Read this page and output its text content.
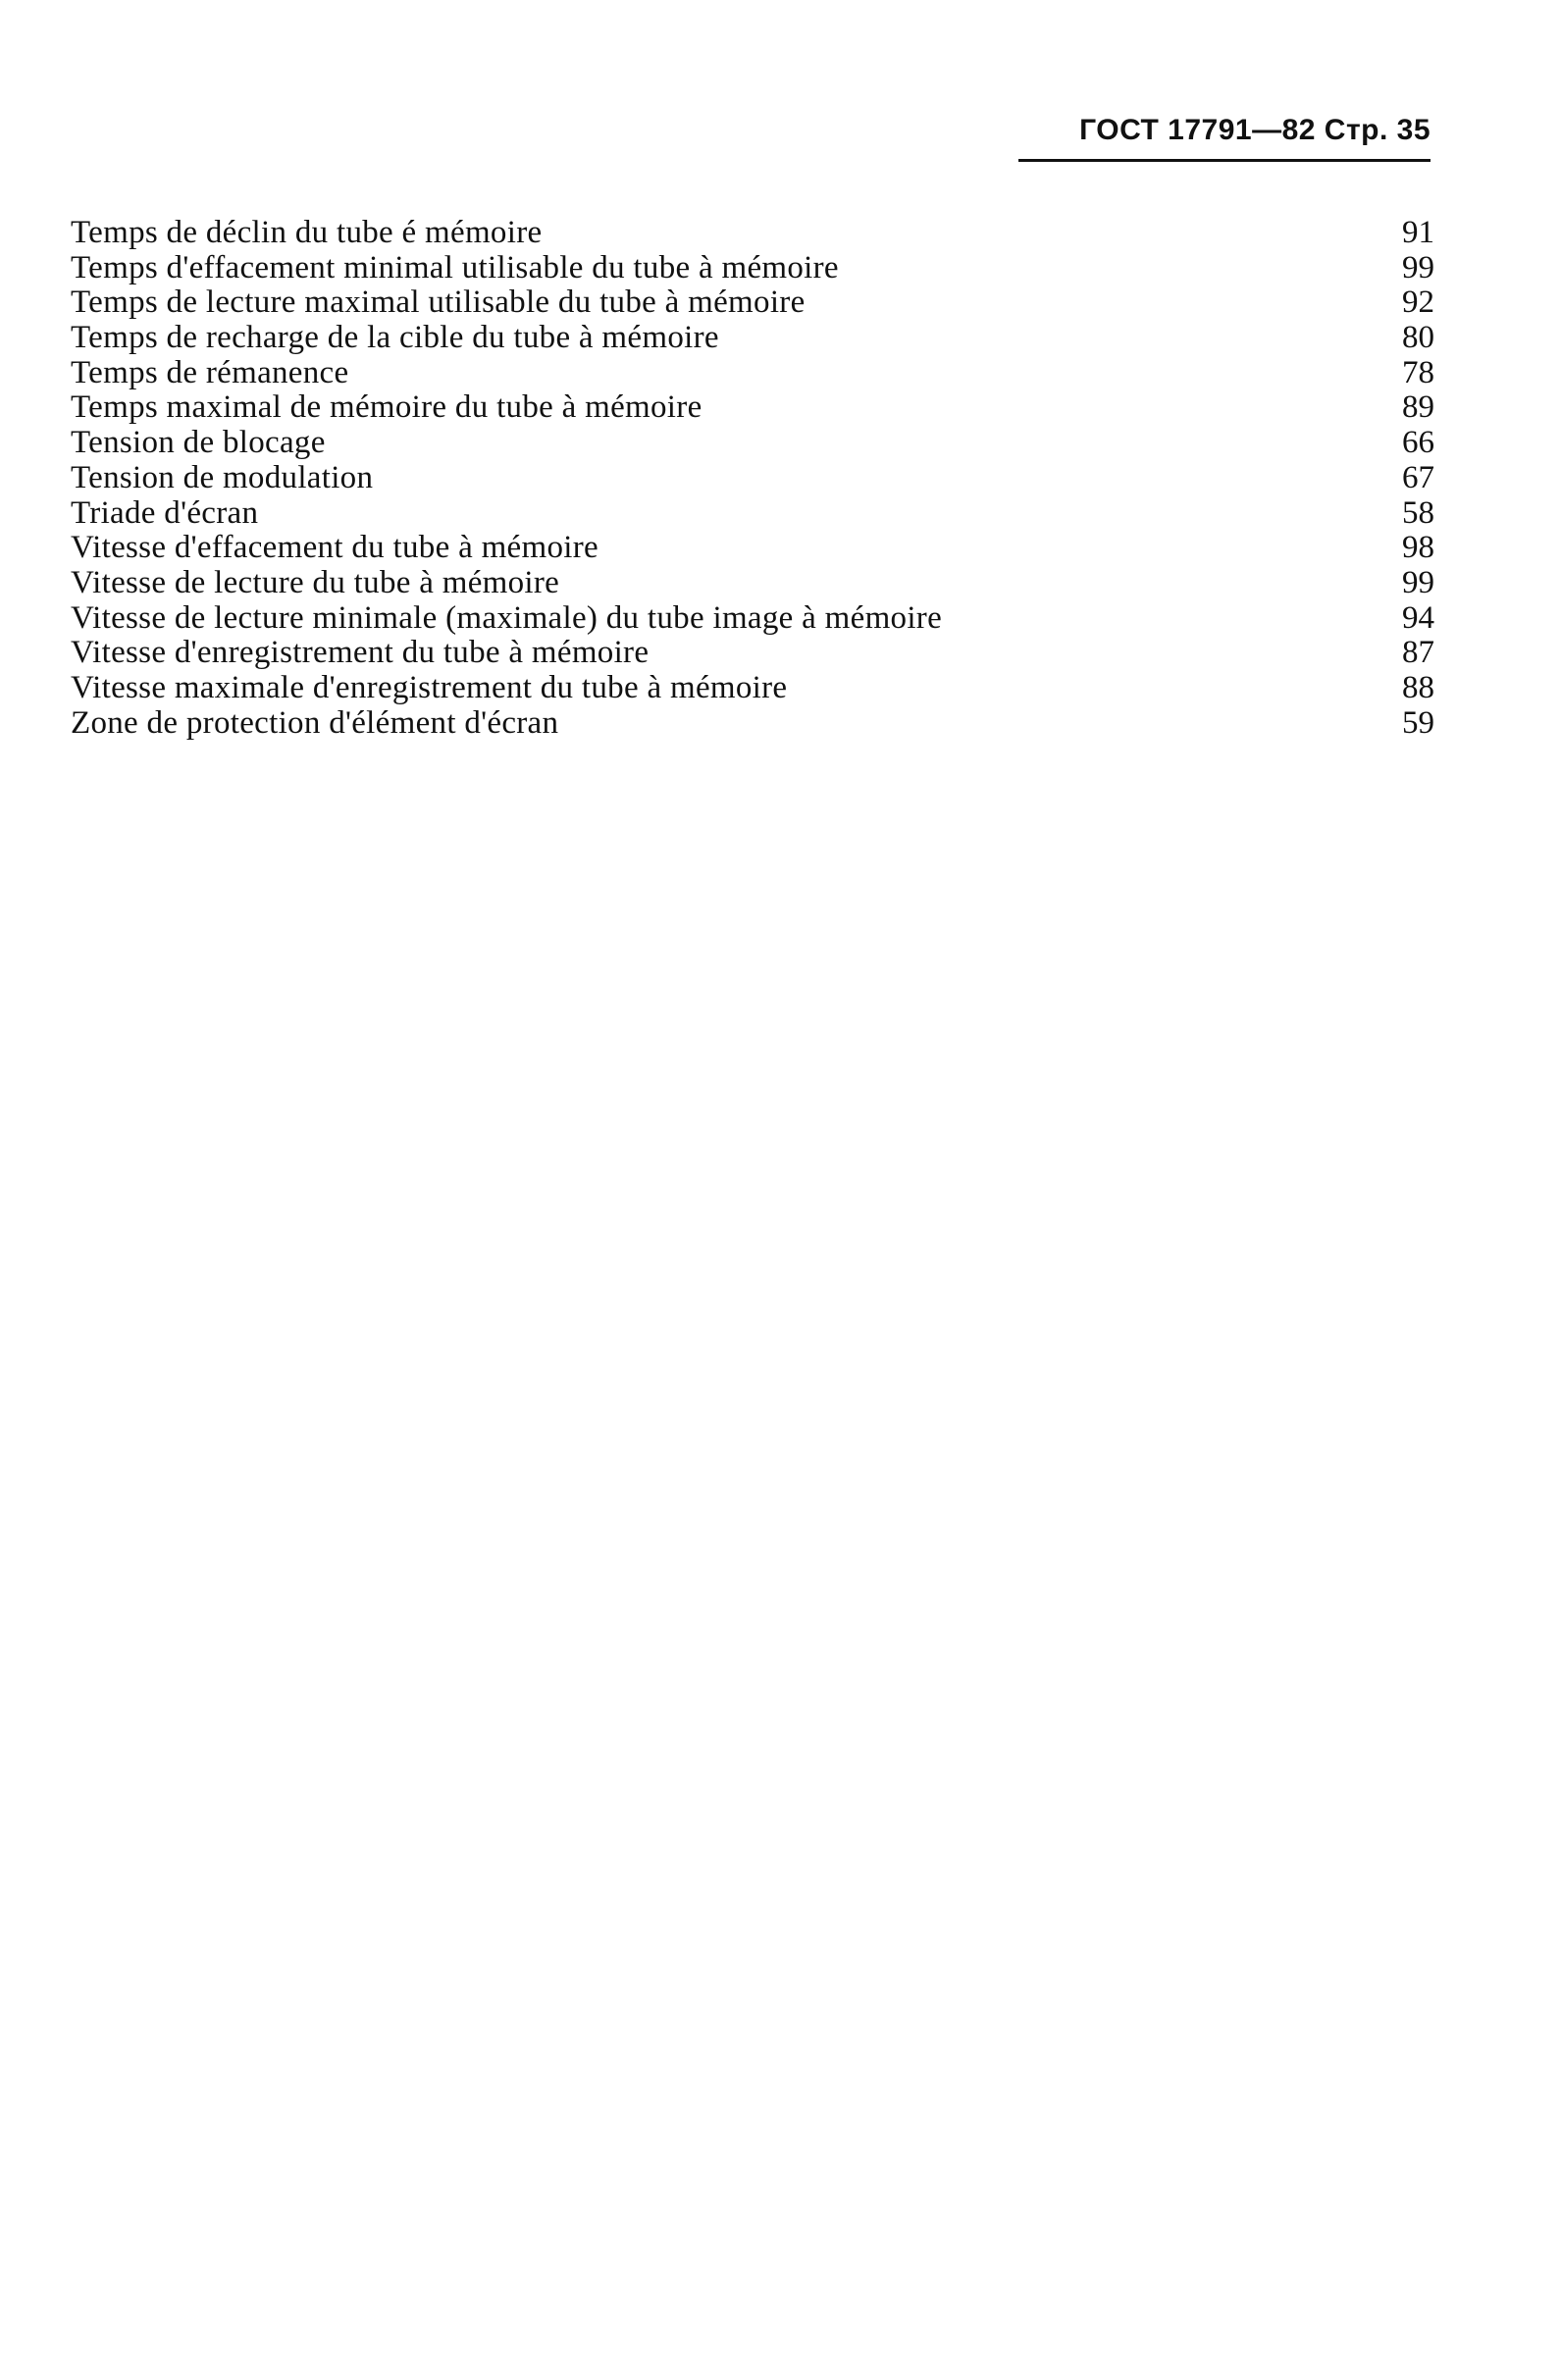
ГОСТ 17791—82 Стр. 35
Temps de déclin du tube é mémoire	91
Temps d'effacement minimal utilisable du tube à mémoire	99
Temps de lecture maximal utilisable du tube à mémoire	92
Temps de recharge de la cible du tube à mémoire	80
Temps de rémanence	78
Temps maximal de mémoire du tube à mémoire	89
Tension de blocage	66
Tension de modulation	67
Triade d'écran	58
Vitesse d'effacement du tube à mémoire	98
Vitesse de lecture du tube à mémoire	99
Vitesse de lecture minimale (maximale) du tube image à mémoire	94
Vitesse d'enregistrement du tube à mémoire	87
Vitesse maximale d'enregistrement du tube à mémoire	88
Zone de protection d'élément d'écran	59
